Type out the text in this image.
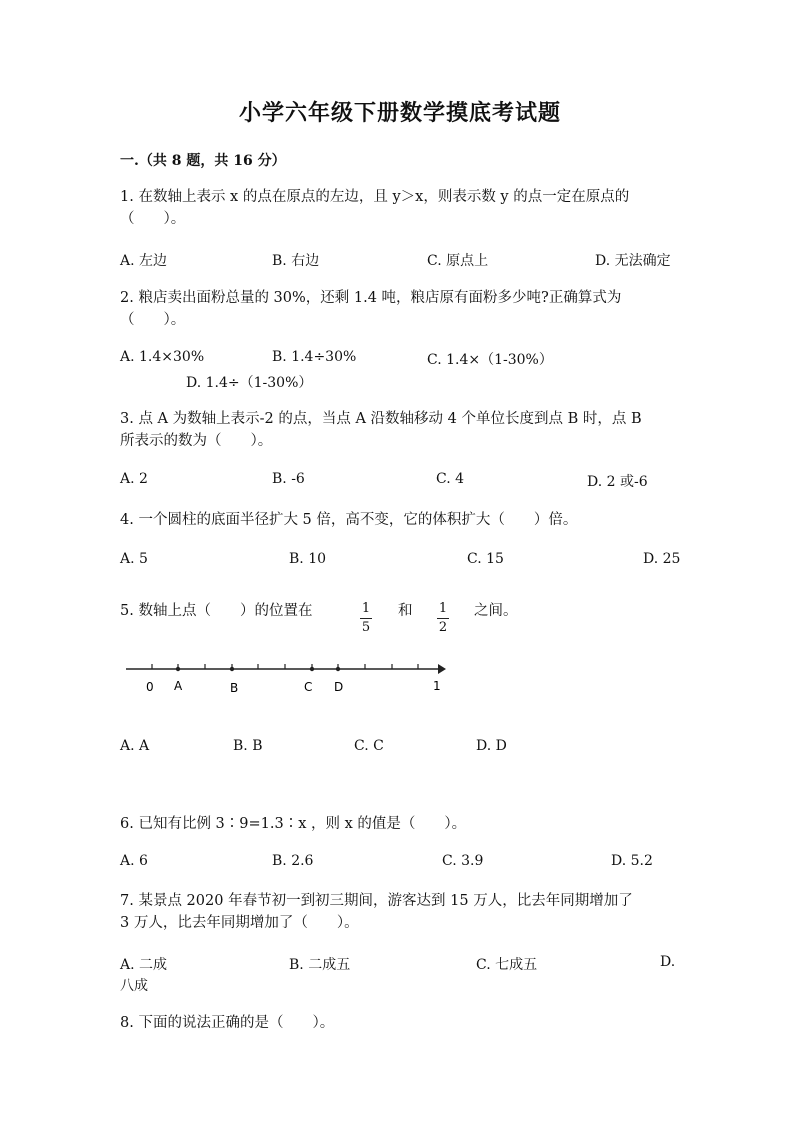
小学六年级下册数学摸底考试题
一.（共 8 题，共 16 分）
1. 在数轴上表示 x 的点在原点的左边，且 y＞x，则表示数 y 的点一定在原点的
（　　）。
A. 左边	B. 右边	C. 原点上	D. 无法确定
2. 粮店卖出面粉总量的 30%，还剩 1.4 吨，粮店原有面粉多少吨?正确算式为
（　　）。
A. 1.4×30%	B. 1.4÷30%	C. 1.4×（1-30%）
D. 1.4÷（1-30%）
3. 点 A 为数轴上表示-2 的点，当点 A 沿数轴移动 4 个单位长度到点 B 时，点 B
所表示的数为（　　）。
A. 2	B. -6	C. 4	D. 2 或-6
4. 一个圆柱的底面半径扩大 5 倍，高不变，它的体积扩大（　　）倍。
A. 5	B. 10	C. 15	D. 25
5. 数轴上点（　　）的位置在	$\frac{1}{5}$ 和 $\frac{1}{2}$ 之间。
0 A	B	C D	1
A. A	B. B	C. C	D. D
6. 已知有比例 3∶9=1.3∶x ，则 x 的值是（　　）。
A. 6	B. 2.6	C. 3.9	D. 5.2
7. 某景点 2020 年春节初一到初三期间，游客达到 15 万人，比去年同期增加了
3 万人，比去年同期增加了（　　）。
A. 二成	B. 二成五	C. 七成五	D.
八成
8. 下面的说法正确的是（　　）。
